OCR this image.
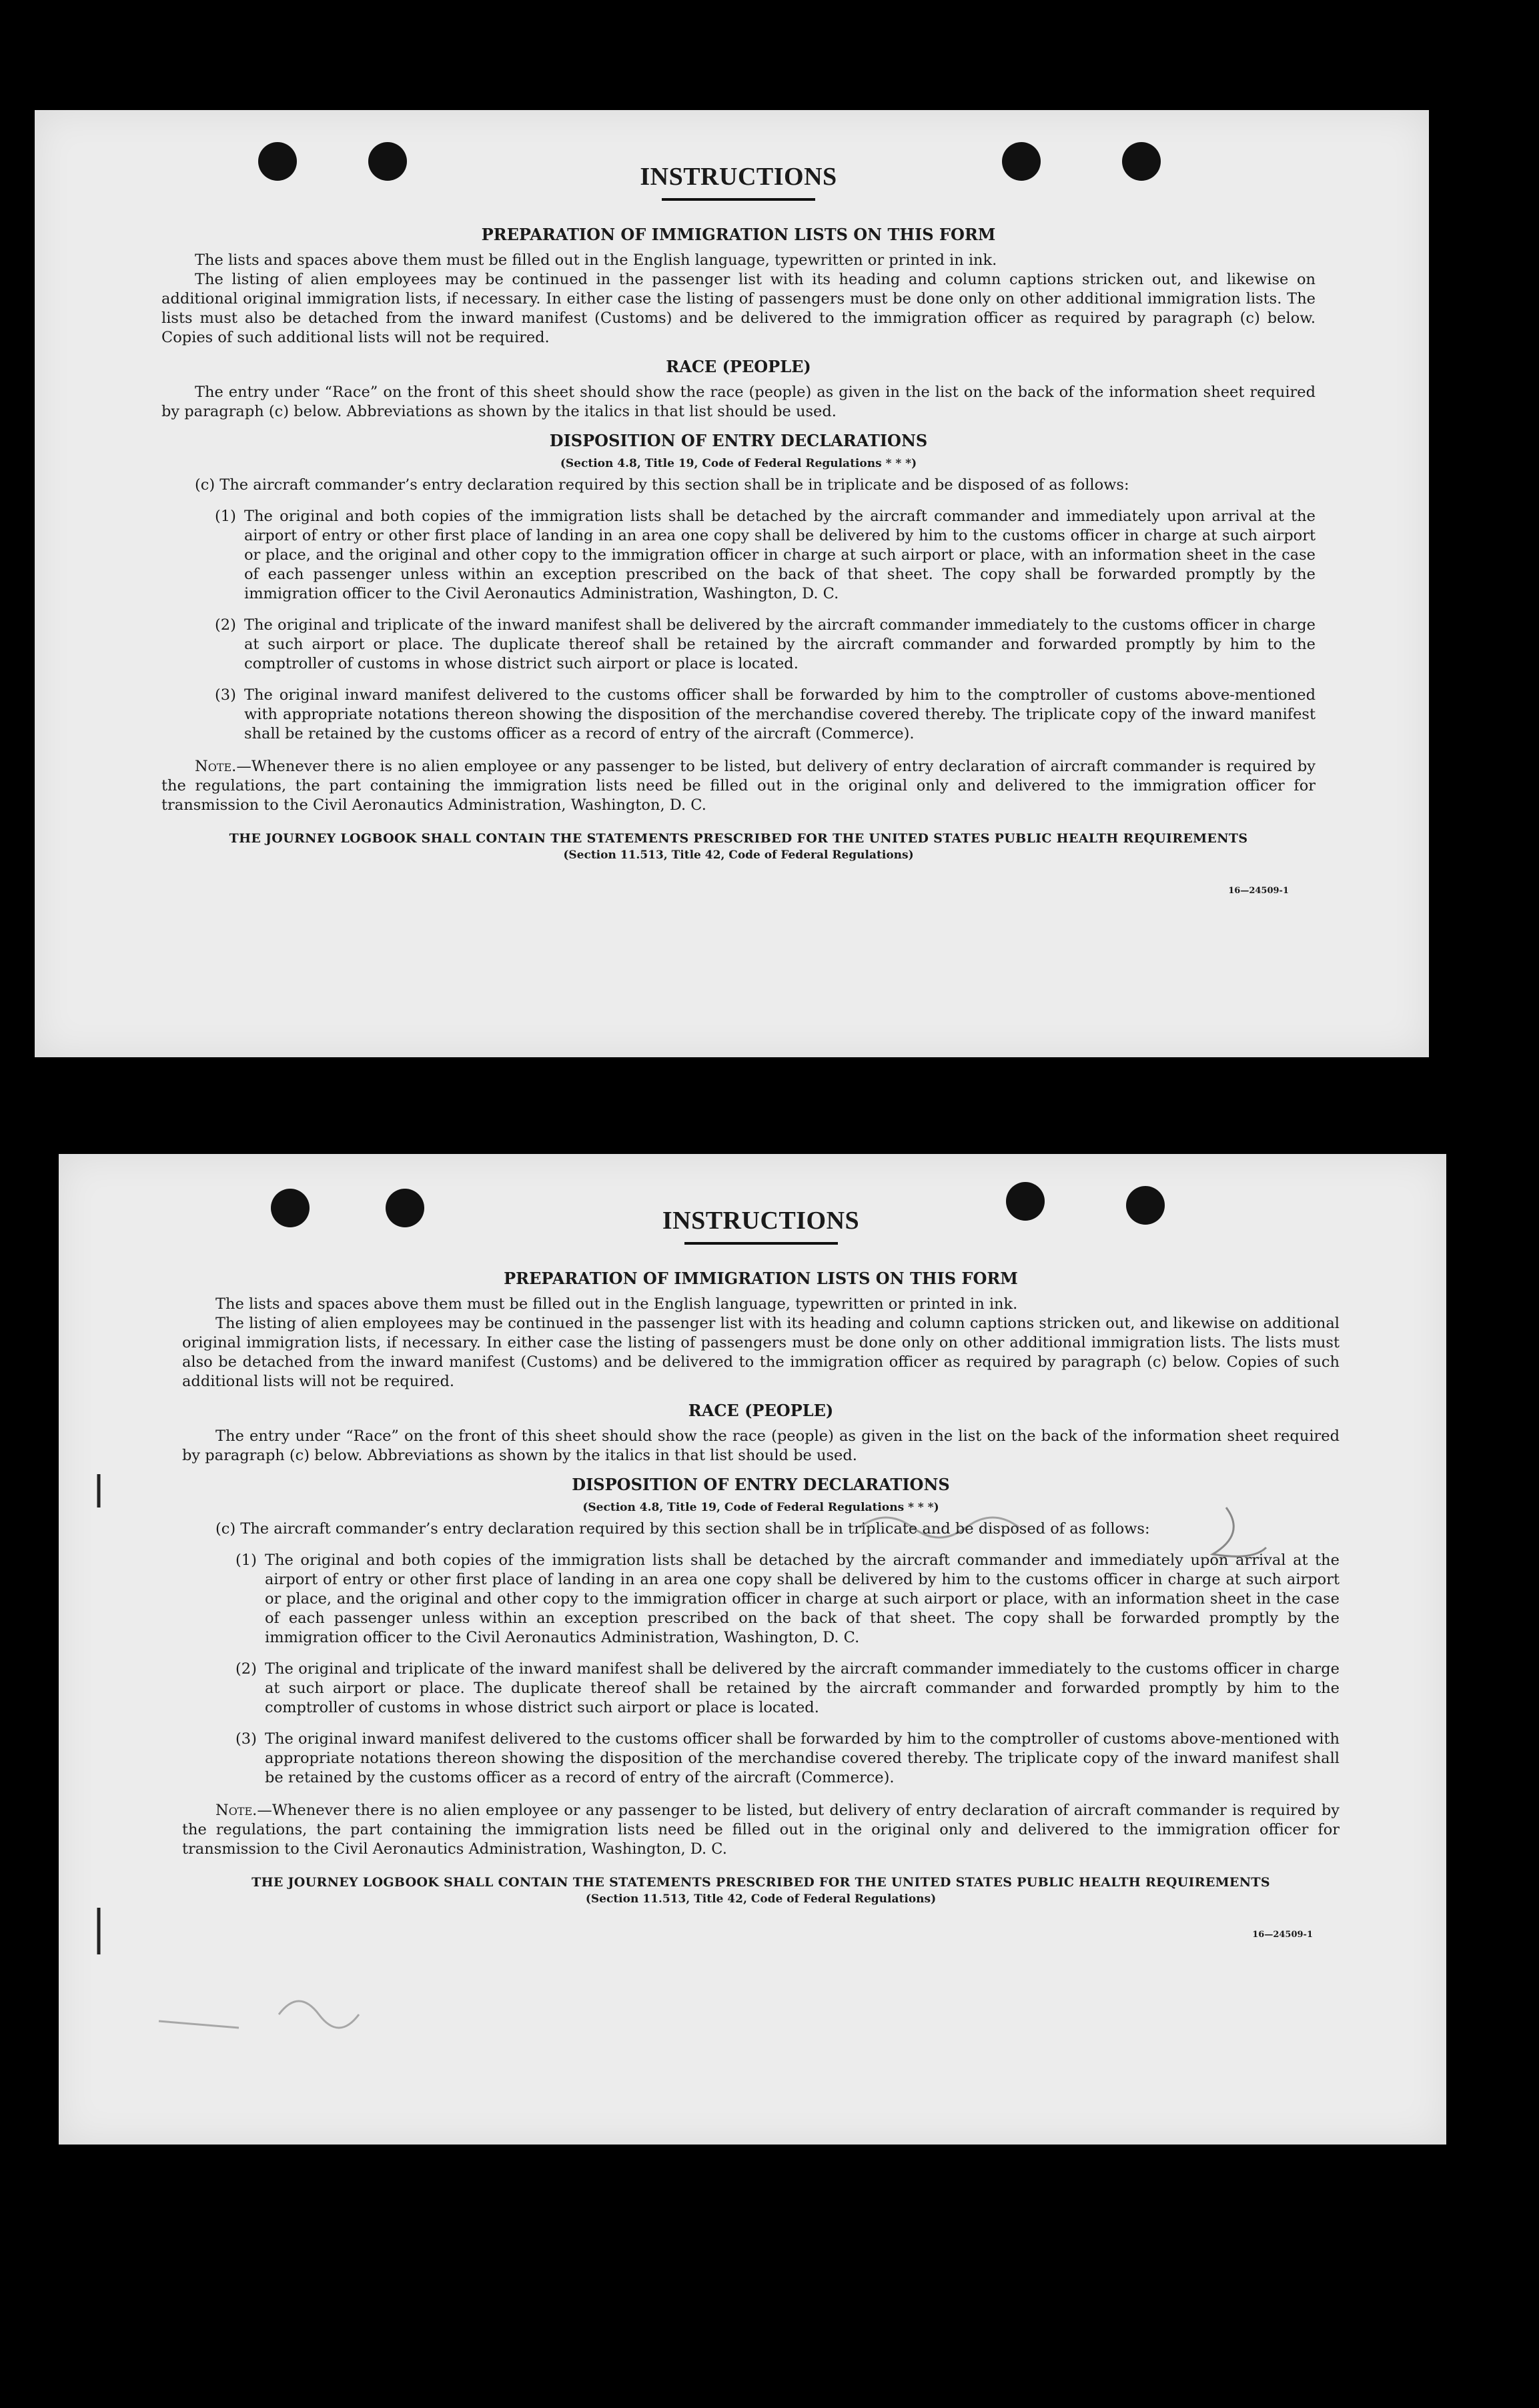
INSTRUCTIONS
PREPARATION OF IMMIGRATION LISTS ON THIS FORM

The lists and spaces above them must be filled out in the English language, typewritten or printed in ink.

The listing of alien employees may be continued in the passenger list with its heading and column captions stricken out, and likewise on additional original immigration lists, if necessary. In either case the listing of passengers must be done only on other additional immigration lists. The lists must also be detached from the inward manifest (Customs) and be delivered to the immigration officer as required by paragraph (c) below. Copies of such additional lists will not be required.

RACE (PEOPLE)

The entry under “Race” on the front of this sheet should show the race (people) as given in the list on the back of the information sheet required by paragraph (c) below. Abbreviations as shown by the italics in that list should be used.

DISPOSITION OF ENTRY DECLARATIONS
(Section 4.8, Title 19, Code of Federal Regulations * * *)

(c) The aircraft commander’s entry declaration required by this section shall be in triplicate and be disposed of as follows:

(1) The original and both copies of the immigration lists shall be detached by the aircraft commander and immediately upon arrival at the airport of entry or other first place of landing in an area one copy shall be delivered by him to the customs officer in charge at such airport or place, and the original and other copy to the immigration officer in charge at such airport or place, with an information sheet in the case of each passenger unless within an exception prescribed on the back of that sheet. The copy shall be forwarded promptly by the immigration officer to the Civil Aeronautics Administration, Washington, D. C.
(2) The original and triplicate of the inward manifest shall be delivered by the aircraft commander immediately to the customs officer in charge at such airport or place. The duplicate thereof shall be retained by the aircraft commander and forwarded promptly by him to the comptroller of customs in whose district such airport or place is located.
(3) The original inward manifest delivered to the customs officer shall be forwarded by him to the comptroller of customs above-mentioned with appropriate notations thereon showing the disposition of the merchandise covered thereby. The triplicate copy of the inward manifest shall be retained by the customs officer as a record of entry of the aircraft (Commerce).

Note.—Whenever there is no alien employee or any passenger to be listed, but delivery of entry declaration of aircraft commander is required by the regulations, the part containing the immigration lists need be filled out in the original only and delivered to the immigration officer for transmission to the Civil Aeronautics Administration, Washington, D. C.

THE JOURNEY LOGBOOK SHALL CONTAIN THE STATEMENTS PRESCRIBED FOR THE UNITED STATES PUBLIC HEALTH REQUIREMENTS
(Section 11.513, Title 42, Code of Federal Regulations)
16—24509-1
INSTRUCTIONS
PREPARATION OF IMMIGRATION LISTS ON THIS FORM

The lists and spaces above them must be filled out in the English language, typewritten or printed in ink.

The listing of alien employees may be continued in the passenger list with its heading and column captions stricken out, and likewise on additional original immigration lists, if necessary. In either case the listing of passengers must be done only on other additional immigration lists. The lists must also be detached from the inward manifest (Customs) and be delivered to the immigration officer as required by paragraph (c) below. Copies of such additional lists will not be required.

RACE (PEOPLE)

The entry under “Race” on the front of this sheet should show the race (people) as given in the list on the back of the information sheet required by paragraph (c) below. Abbreviations as shown by the italics in that list should be used.

DISPOSITION OF ENTRY DECLARATIONS
(Section 4.8, Title 19, Code of Federal Regulations * * *)

(c) The aircraft commander’s entry declaration required by this section shall be in triplicate and be disposed of as follows:

(1) The original and both copies of the immigration lists shall be detached by the aircraft commander and immediately upon arrival at the airport of entry or other first place of landing in an area one copy shall be delivered by him to the customs officer in charge at such airport or place, and the original and other copy to the immigration officer in charge at such airport or place, with an information sheet in the case of each passenger unless within an exception prescribed on the back of that sheet. The copy shall be forwarded promptly by the immigration officer to the Civil Aeronautics Administration, Washington, D. C.
(2) The original and triplicate of the inward manifest shall be delivered by the aircraft commander immediately to the customs officer in charge at such airport or place. The duplicate thereof shall be retained by the aircraft commander and forwarded promptly by him to the comptroller of customs in whose district such airport or place is located.
(3) The original inward manifest delivered to the customs officer shall be forwarded by him to the comptroller of customs above-mentioned with appropriate notations thereon showing the disposition of the merchandise covered thereby. The triplicate copy of the inward manifest shall be retained by the customs officer as a record of entry of the aircraft (Commerce).

Note.—Whenever there is no alien employee or any passenger to be listed, but delivery of entry declaration of aircraft commander is required by the regulations, the part containing the immigration lists need be filled out in the original only and delivered to the immigration officer for transmission to the Civil Aeronautics Administration, Washington, D. C.

THE JOURNEY LOGBOOK SHALL CONTAIN THE STATEMENTS PRESCRIBED FOR THE UNITED STATES PUBLIC HEALTH REQUIREMENTS
(Section 11.513, Title 42, Code of Federal Regulations)
16—24509-1
